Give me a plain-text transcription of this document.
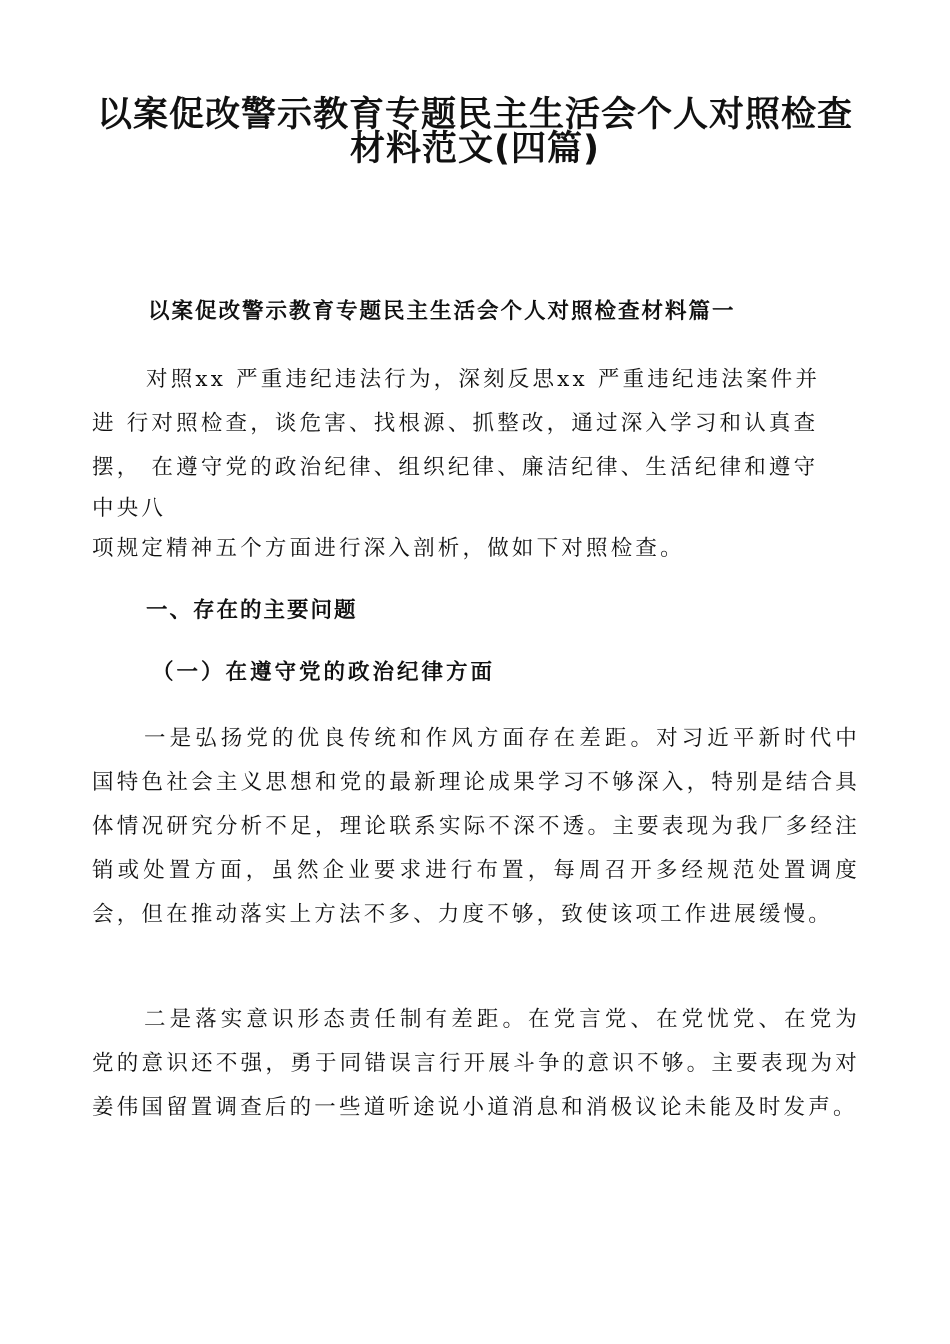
以案促改警示教育专题民主生活会个人对照检查
材料范文(四篇)
以案促改警示教育专题民主生活会个人对照检查材料篇一

对照xx 严重违纪违法行为，深刻反思xx 严重违纪违法案件并

进 行对照检查，谈危害、找根源、抓整改，通过深入学习和认真查

摆， 在遵守党的政治纪律、组织纪律、廉洁纪律、生活纪律和遵守

中央八

项规定精神五个方面进行深入剖析，做如下对照检查。

一、存在的主要问题
（一）在遵守党的政治纪律方面

一是弘扬党的优良传统和作风方面存在差距。对习近平新时代中国特色社会主义思想和党的最新理论成果学习不够深入，特别是结合具体情况研究分析不足，理论联系实际不深不透。主要表现为我厂多经注销或处置方面，虽然企业要求进行布置，每周召开多经规范处置调度会，但在推动落实上方法不多、力度不够，致使该项工作进展缓慢。

二是落实意识形态责任制有差距。在党言党、在党忧党、在党为党的意识还不强，勇于同错误言行开展斗争的意识不够。主要表现为对姜伟国留置调查后的一些道听途说小道消息和消极议论未能及时发声。
